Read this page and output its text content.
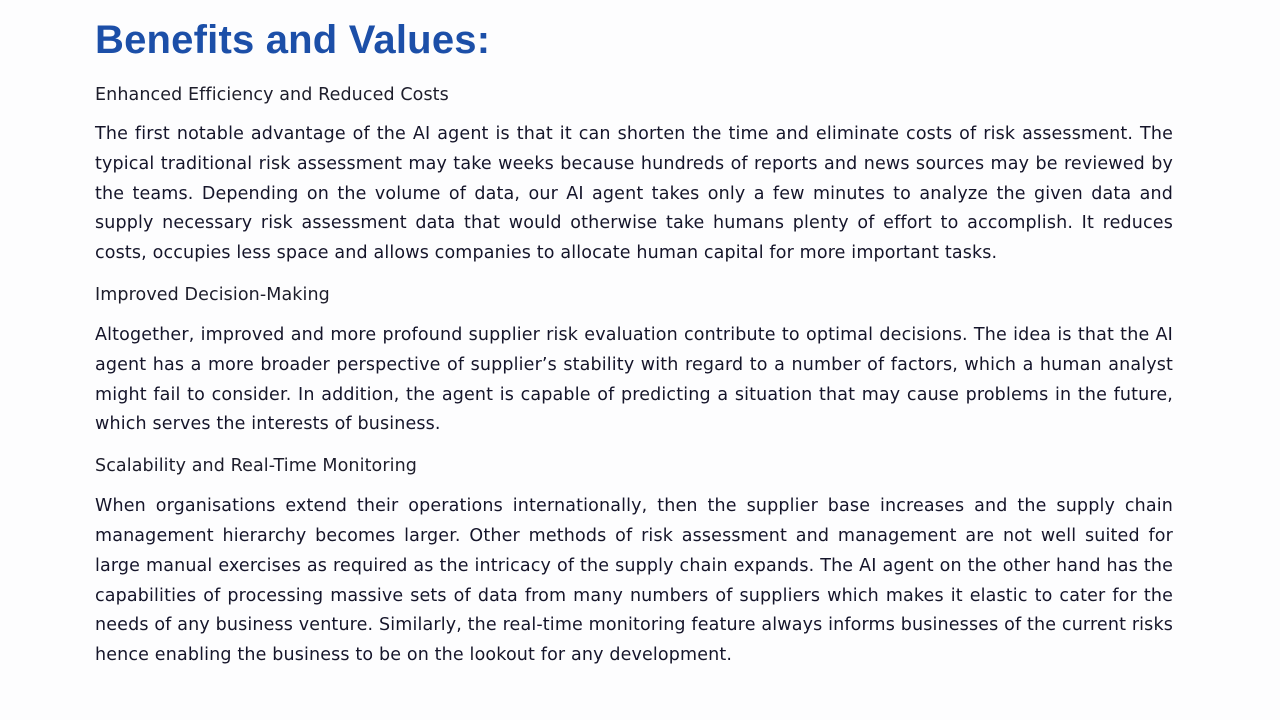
Benefits and Values:

Enhanced Efficiency and Reduced Costs

The first notable advantage of the AI agent is that it can shorten the time and eliminate costs of risk assessment. The typical traditional risk assessment may take weeks because hundreds of reports and news sources may be reviewed by the teams. Depending on the volume of data, our AI agent takes only a few minutes to analyze the given data and supply necessary risk assessment data that would otherwise take humans plenty of effort to accomplish. It reduces costs, occupies less space and allows companies to allocate human capital for more important tasks.

Improved Decision-Making

Altogether, improved and more profound supplier risk evaluation contribute to optimal decisions. The idea is that the AI agent has a more broader perspective of supplier’s stability with regard to a number of factors, which a human analyst might fail to consider. In addition, the agent is capable of predicting a situation that may cause problems in the future, which serves the interests of business.

Scalability and Real-Time Monitoring

When organisations extend their operations internationally, then the supplier base increases and the supply chain management hierarchy becomes larger. Other methods of risk assessment and management are not well suited for large manual exercises as required as the intricacy of the supply chain expands. The AI agent on the other hand has the capabilities of processing massive sets of data from many numbers of suppliers which makes it elastic to cater for the needs of any business venture. Similarly, the real-time monitoring feature always informs businesses of the current risks hence enabling the business to be on the lookout for any development.
